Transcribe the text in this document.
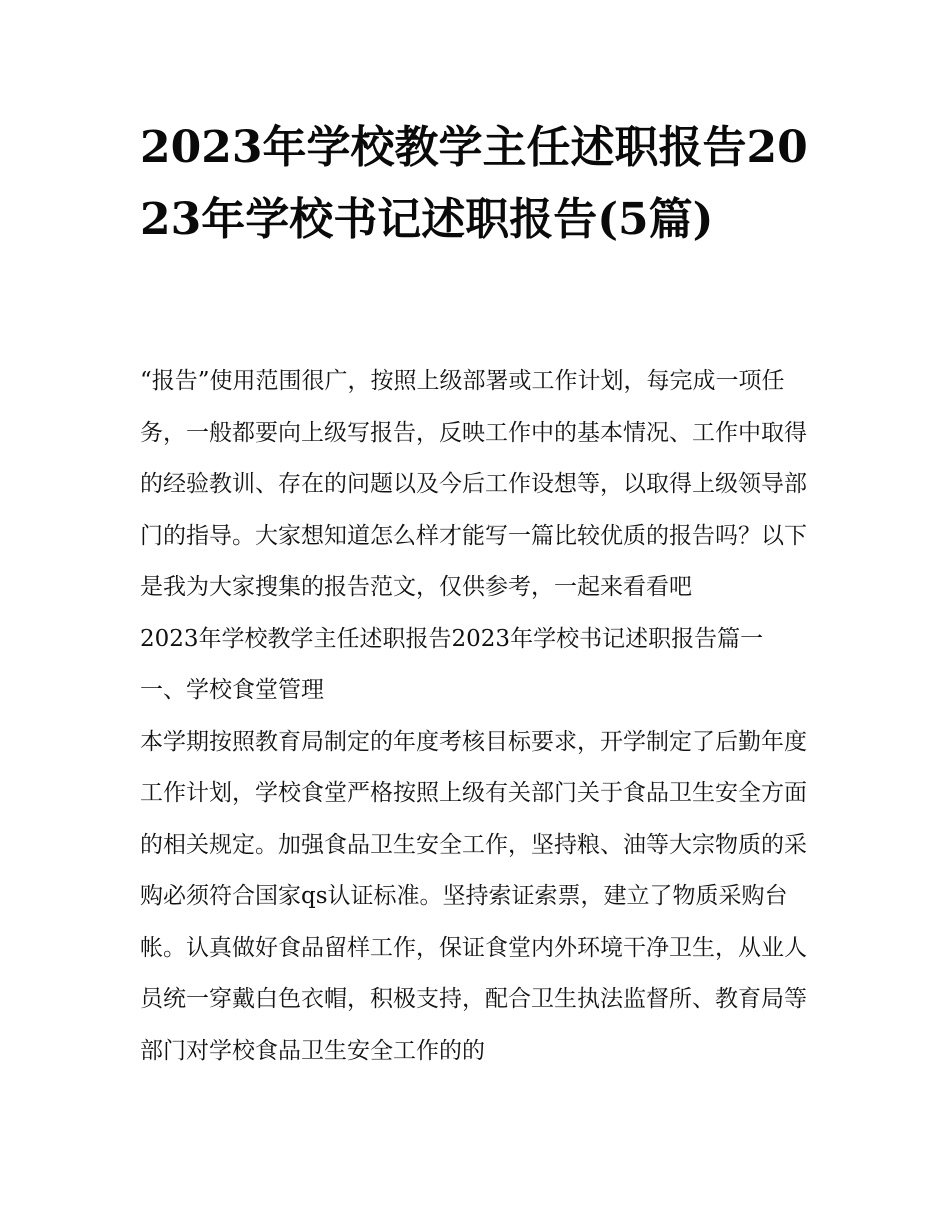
2023年学校教学主任述职报告2023年学校书记述职报告(5篇)

“报告”使用范围很广，按照上级部署或工作计划，每完成一项任务，一般都要向上级写报告，反映工作中的基本情况、工作中取得的经验教训、存在的问题以及今后工作设想等，以取得上级领导部门的指导。大家想知道怎么样才能写一篇比较优质的报告吗？以下是我为大家搜集的报告范文，仅供参考，一起来看看吧

2023年学校教学主任述职报告2023年学校书记述职报告篇一

一、学校食堂管理

本学期按照教育局制定的年度考核目标要求，开学制定了后勤年度工作计划，学校食堂严格按照上级有关部门关于食品卫生安全方面的相关规定。加强食品卫生安全工作，坚持粮、油等大宗物质的采购必须符合国家qs认证标准。坚持索证索票，建立了物质采购台帐。认真做好食品留样工作，保证食堂内外环境干净卫生，从业人员统一穿戴白色衣帽，积极支持，配合卫生执法监督所、教育局等部门对学校食品卫生安全工作的的
